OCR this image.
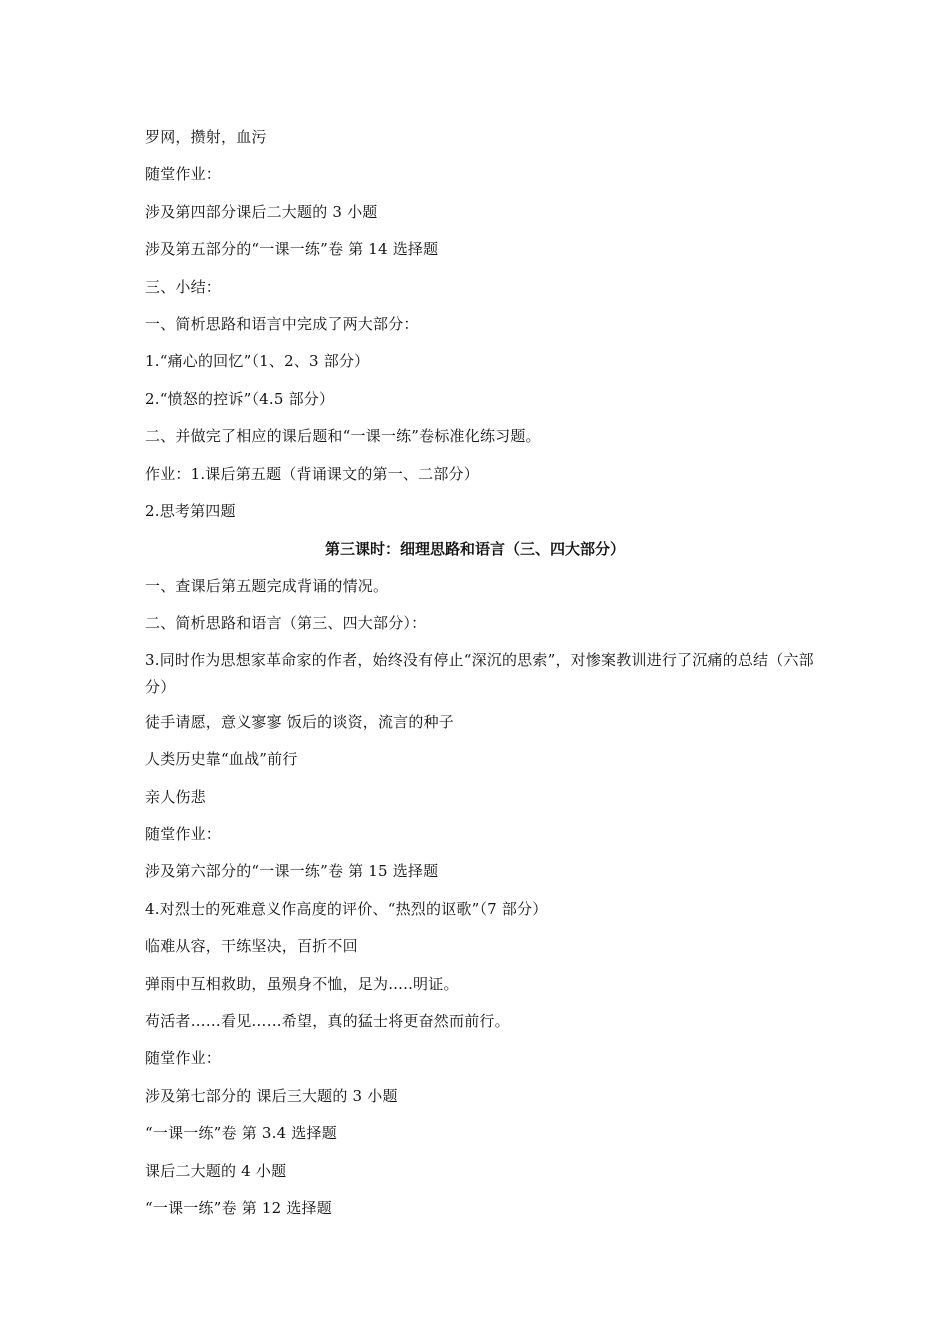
罗网，攒射，血污
随堂作业：
涉及第四部分课后二大题的 3 小题
涉及第五部分的“一课一练”卷 第 14 选择题
三、小结：
一、简析思路和语言中完成了两大部分：
1.“痛心的回忆”（1、2、3 部分）
2.“愤怒的控诉”（4.5 部分）
二、并做完了相应的课后题和“一课一练”卷标准化练习题。
作业：1.课后第五题（背诵课文的第一、二部分）
2.思考第四题
第三课时：细理思路和语言（三、四大部分）
一、查课后第五题完成背诵的情况。
二、简析思路和语言（第三、四大部分）：
3.同时作为思想家革命家的作者，始终没有停止“深沉的思索”，对惨案教训进行了沉痛的总结（六部分）
徒手请愿，意义寥寥 饭后的谈资，流言的种子
人类历史靠“血战”前行
亲人伤悲
随堂作业：
涉及第六部分的“一课一练”卷 第 15 选择题
4.对烈士的死难意义作高度的评价、“热烈的讴歌”（7 部分）
临难从容，干练坚决，百折不回
弹雨中互相救助，虽殒身不恤，足为.....明证。
苟活者……看见……希望，真的猛士将更奋然而前行。
随堂作业：
涉及第七部分的 课后三大题的 3 小题
“一课一练”卷 第 3.4 选择题
课后二大题的 4 小题
“一课一练”卷 第 12 选择题
